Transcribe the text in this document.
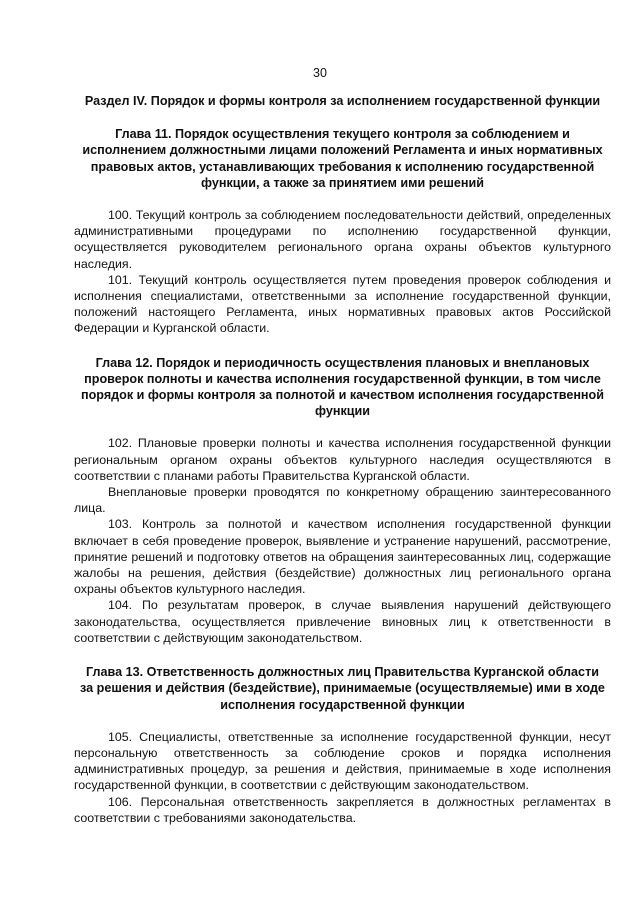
30
Раздел IV. Порядок и формы контроля за исполнением государственной функции
Глава 11. Порядок осуществления текущего контроля за соблюдением и исполнением должностными лицами положений Регламента и иных нормативных правовых актов, устанавливающих требования к исполнению государственной функции, а также за принятием ими решений

100. Текущий контроль за соблюдением последовательности действий, определенных административными процедурами по исполнению государственной функции, осуществляется руководителем регионального органа охраны объектов культурного наследия.

101. Текущий контроль осуществляется путем проведения проверок соблюдения и исполнения специалистами, ответственными за исполнение государственной функции, положений настоящего Регламента, иных нормативных правовых актов Российской Федерации и Курганской области.

Глава 12. Порядок и периодичность осуществления плановых и внеплановых проверок полноты и качества исполнения государственной функции, в том числе порядок и формы контроля за полнотой и качеством исполнения государственной функции

102. Плановые проверки полноты и качества исполнения государственной функции региональным органом охраны объектов культурного наследия осуществляются в соответствии с планами работы Правительства Курганской области.

Внеплановые проверки проводятся по конкретному обращению заинтересованного лица.

103. Контроль за полнотой и качеством исполнения государственной функции включает в себя проведение проверок, выявление и устранение нарушений, рассмотрение, принятие решений и подготовку ответов на обращения заинтересованных лиц, содержащие жалобы на решения, действия (бездействие) должностных лиц регионального органа охраны объектов культурного наследия.

104. По результатам проверок, в случае выявления нарушений действующего законодательства, осуществляется привлечение виновных лиц к ответственности в соответствии с действующим законодательством.

Глава 13. Ответственность должностных лиц Правительства Курганской области за решения и действия (бездействие), принимаемые (осуществляемые) ими в ходе исполнения государственной функции

105. Специалисты, ответственные за исполнение государственной функции, несут персональную ответственность за соблюдение сроков и порядка исполнения административных процедур, за решения и действия, принимаемые в ходе исполнения государственной функции, в соответствии с действующим законодательством.

106. Персональная ответственность закрепляется в должностных регламентах в соответствии с требованиями законодательства.
